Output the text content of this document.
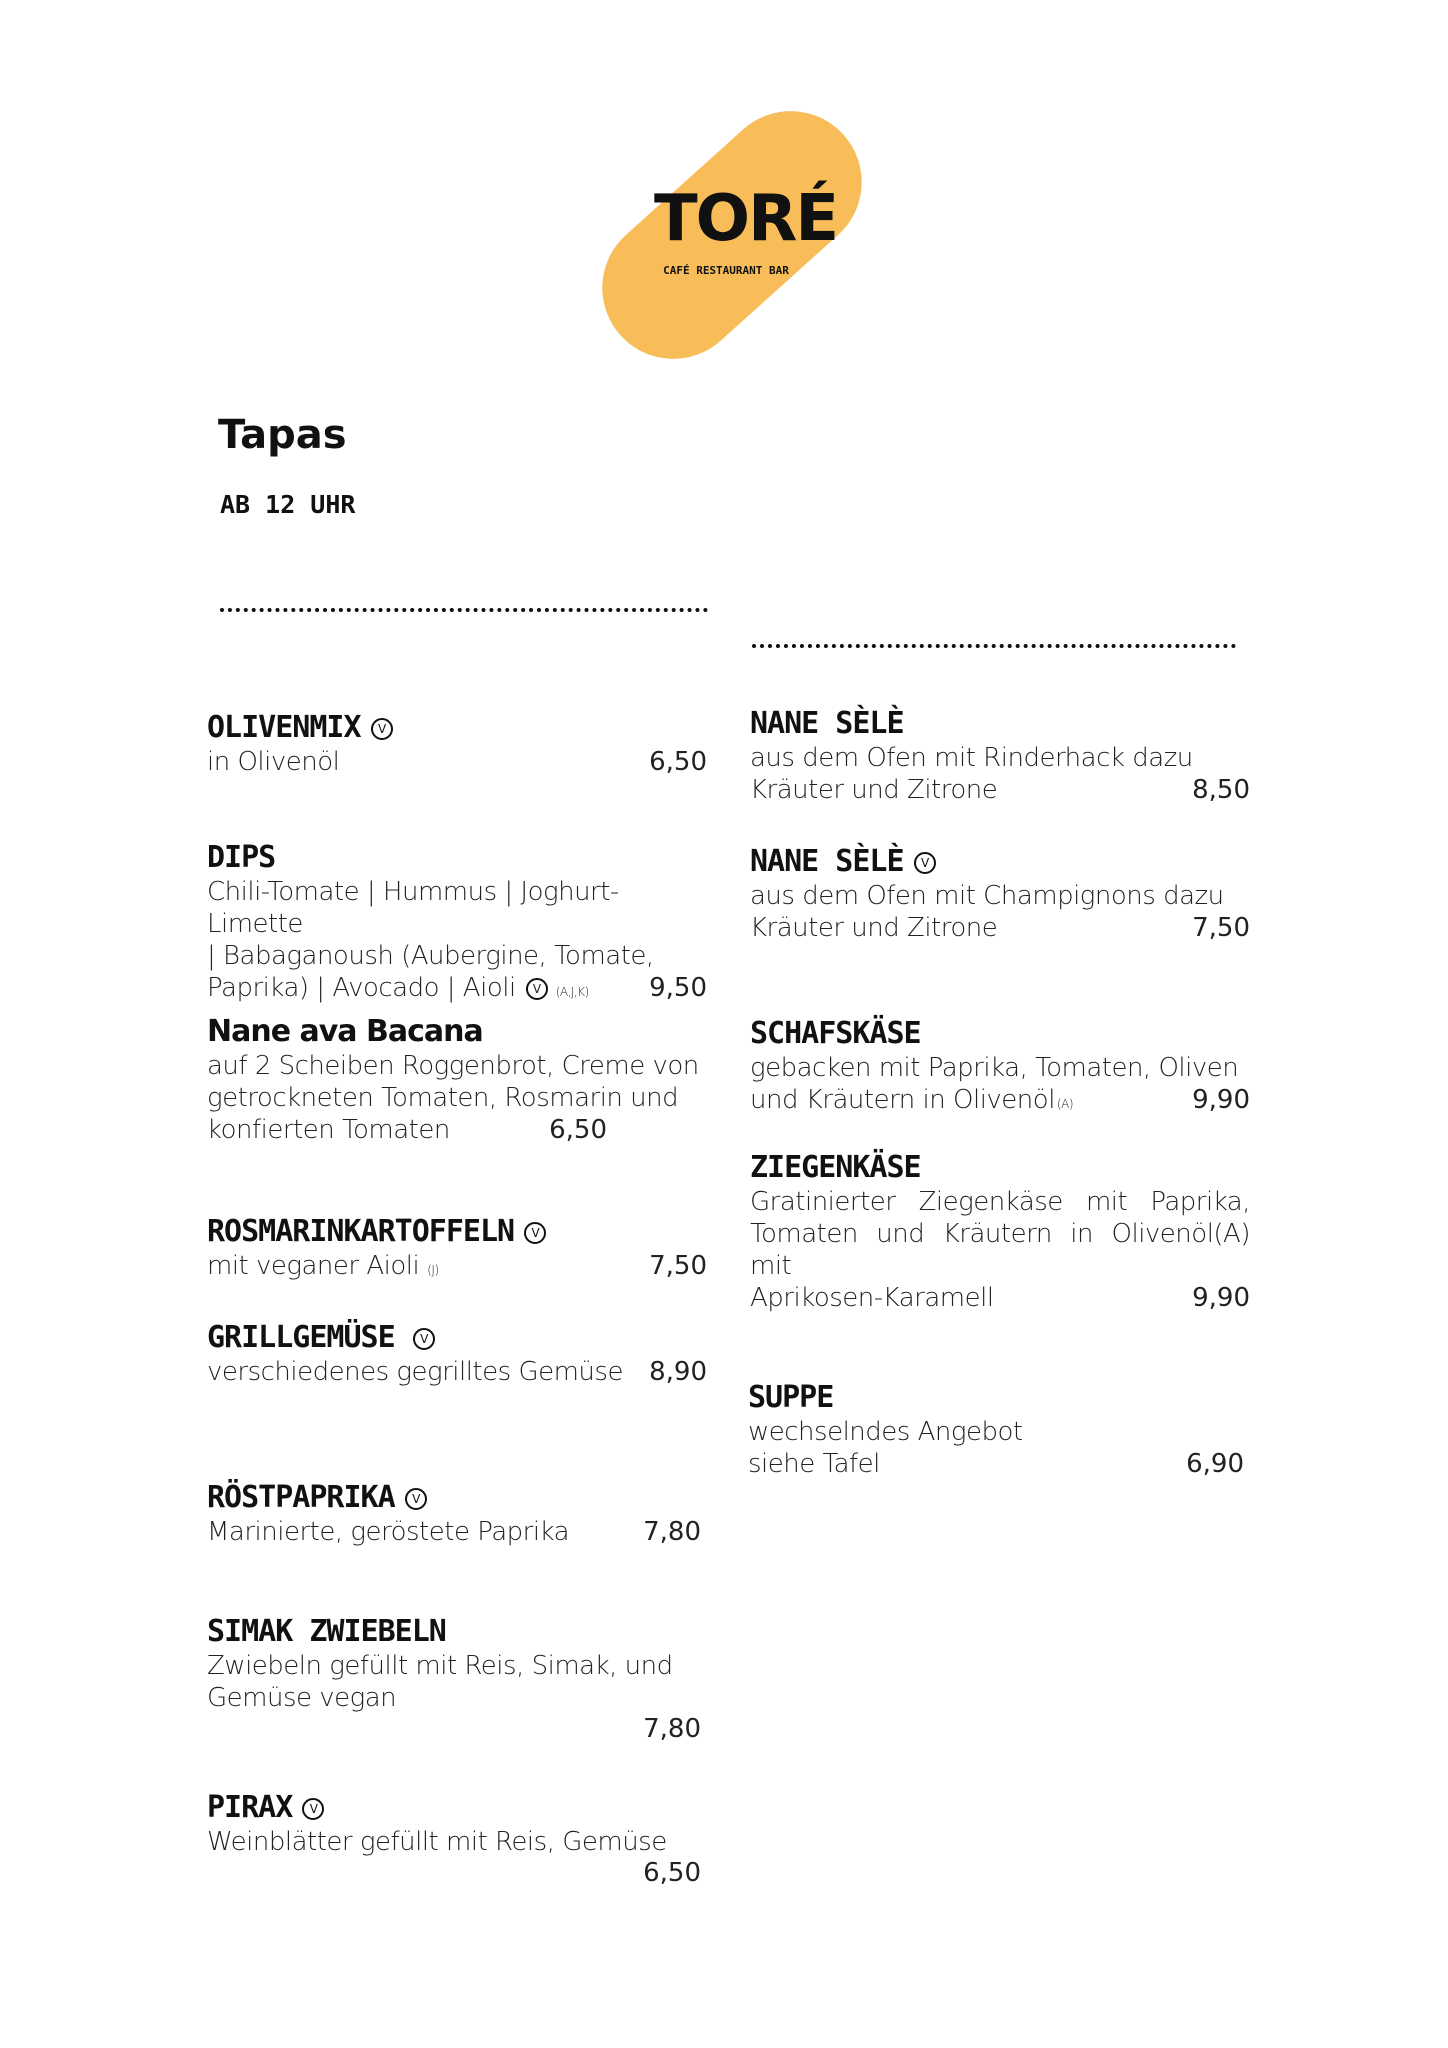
TORÉ
CAFÉ RESTAURANT BAR
Tapas
AB 12 UHR
OLIVENMIX V
in Olivenöl	6,50
DIPS
Chili-Tomate | Hummus | Joghurt-Limette
| Babaganoush (Aubergine, Tomate,
Paprika) | Avocado | Aioli V (A,J,K) 9,50
Nane ava Bacana
auf 2 Scheiben Roggenbrot, Creme von
getrockneten Tomaten, Rosmarin und
konfierten Tomaten	6,50
ROSMARINKARTOFFELN V
mit veganer Aioli (J)	7,50
GRILLGEMÜSE V
verschiedenes gegrilltes Gemüse 8,90
RÖSTPAPRIKA V
Marinierte, geröstete Paprika	7,80
SIMAK ZWIEBELN
Zwiebeln gefüllt mit Reis, Simak, und
Gemüse vegan
7,80
PIRAX V
Weinblätter gefüllt mit Reis, Gemüse
6,50
NANE SÈLÈ
aus dem Ofen mit Rinderhack dazu
Kräuter und Zitrone	8,50
NANE SÈLÈ V
aus dem Ofen mit Champignons dazu
Kräuter und Zitrone	7,50
SCHAFSKÄSE
gebacken mit Paprika, Tomaten, Oliven
und Kräutern in Olivenöl (A)	9,90
ZIEGENKÄSE
Gratinierter Ziegenkäse mit Paprika,
Tomaten und Kräutern in Olivenöl(A) mit
Aprikosen-Karamell	9,90
SUPPE
wechselndes Angebot
siehe Tafel	6,90
